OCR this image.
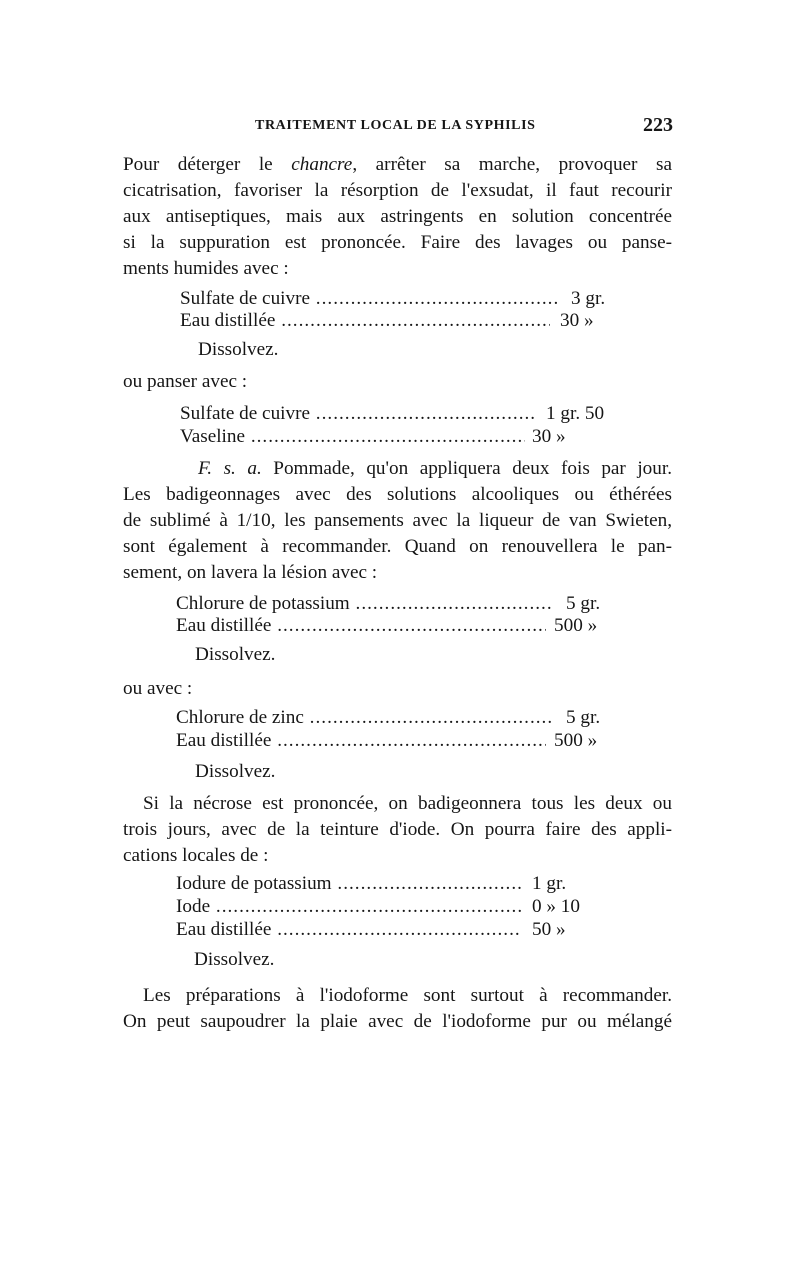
TRAITEMENT LOCAL DE LA SYPHILIS	223
Pour déterger le chancre, arrêter sa marche, provoquer sa
cicatrisation, favoriser la résorption de l'exsudat, il faut recourir
aux antiseptiques, mais aux astringents en solution concentrée
si la suppuration est prononcée. Faire des lavages ou panse-
ments humides avec :
Sulfate de cuivre .....	3 gr.
Eau distillée .....	30 »
Dissolvez.
ou panser avec :
Sulfate de cuivre .....	1 gr. 50
Vaseline .....	30 »
F. s. a. Pommade, qu'on appliquera deux fois par jour.
Les badigeonnages avec des solutions alcooliques ou éthérées
de sublimé à 1/10, les pansements avec la liqueur de van Swieten,
sont également à recommander. Quand on renouvellera le pan-
sement, on lavera la lésion avec :
Chlorure de potassium .....	5 gr.
Eau distillée .....	500 »
Dissolvez.
ou avec :
Chlorure de zinc .....	5 gr.
Eau distillée .....	500 »
Dissolvez.
Si la nécrose est prononcée, on badigeonnera tous les deux ou
trois jours, avec de la teinture d'iode. On pourra faire des appli-
cations locales de :
Iodure de potassium .....	1 gr.
Iode .....	0 » 10
Eau distillée .....	50 »
Dissolvez.
Les préparations à l'iodoforme sont surtout à recommander.
On peut saupoudrer la plaie avec de l'iodoforme pur ou mélangé
